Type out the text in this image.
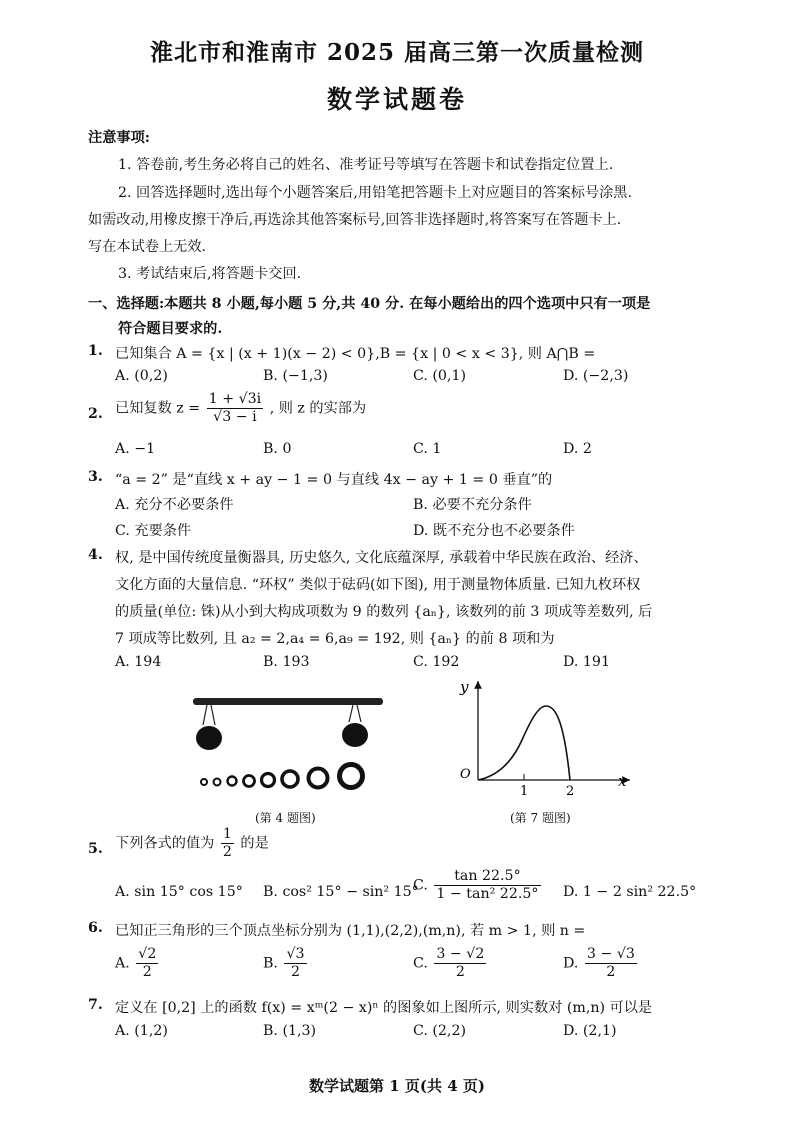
淮北市和淮南市 2025 届高三第一次质量检测
数学试题卷
注意事项:
1. 答卷前,考生务必将自己的姓名、准考证号等填写在答题卡和试卷指定位置上.
2. 回答选择题时,选出每个小题答案后,用铅笔把答题卡上对应题目的答案标号涂黑.
如需改动,用橡皮擦干净后,再选涂其他答案标号,回答非选择题时,将答案写在答题卡上.
写在本试卷上无效.
3. 考试结束后,将答题卡交回.
一、选择题:本题共 8 小题,每小题 5 分,共 40 分. 在每小题给出的四个选项中只有一项是
符合题目要求的.
1. 已知集合 A = {x | (x + 1)(x − 2) < 0},B = {x | 0 < x < 3}, 则 A⋂B =
A. (0,2)	B. (−1,3)	C. (0,1)	D. (−2,3)
2. 已知复数 $z = \frac{1 + √3i}{√3 - i}$ , 则 z 的实部为
A. −1	B. 0	C. 1	D. 2
3. “a = 2” 是“直线 x + ay − 1 = 0 与直线 4x − ay + 1 = 0 垂直”的
A. 充分不必要条件	B. 必要不充分条件
C. 充要条件	D. 既不充分也不必要条件
4. 权, 是中国传统度量衡器具, 历史悠久, 文化底蕴深厚, 承载着中华民族在政治、经济、
文化方面的大量信息. “环权” 类似于砝码(如下图), 用于测量物体质量. 已知九枚环权
的质量(单位: 铢)从小到大构成项数为 9 的数列 {aₙ}, 该数列的前 3 项成等差数列, 后
7 项成等比数列, 且 a₂ = 2,a₄ = 6,a₉ = 192, 则 {aₙ} 的前 8 项和为
A. 194	B. 193	C. 192	D. 191
(第 4 题图)
y
x
O
1	2
(第 7 题图)
5. 下列各式的值为 $\frac{1}{2}$ 的是
A. sin 15° cos 15° B. cos² 15° − sin² 15°
C. $\frac{\tan 22.5^\circ}{\text{1 − tan² 22.5°}} D$. 1 − 2 sin² 22.5°
6. 已知正三角形的三个顶点坐标分别为 (1,1),(2,2),(m,n), 若 m > 1, 则 n =
A. $\frac{√2}{2}$	B. $\frac{√3}{2}$	C. $\frac{3 - √2}{2}$	D. $\frac{3 - √3}{2}$
7. 定义在 [0,2] 上的函数 f(x) = xᵐ(2 − x)ⁿ 的图象如上图所示, 则实数对 (m,n) 可以是
A. (1,2)	B. (1,3)	C. (2,2)	D. (2,1)
数学试题第 1 页(共 4 页)
